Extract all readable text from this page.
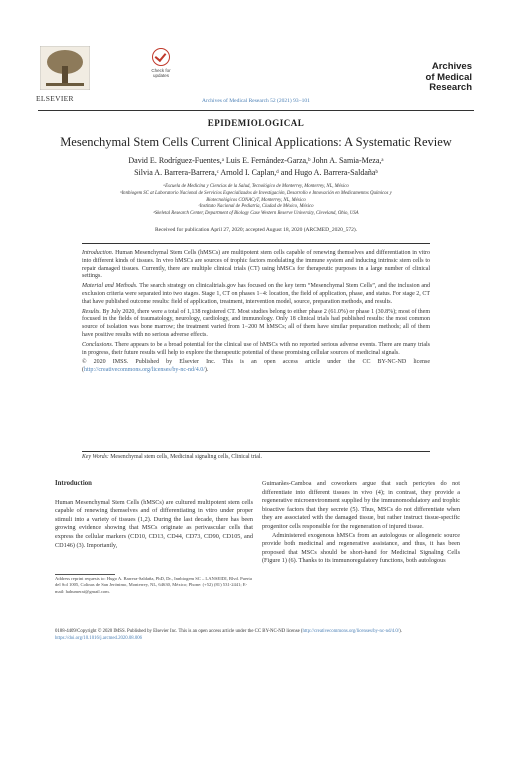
ELSEVIER
Check for updates
Archives
of Medical
Research
Archives of Medical Research 52 (2021) 93−101
EPIDEMIOLOGICAL
Mesenchymal Stem Cells Current Clinical Applications: A Systematic Review
David E. Rodríguez-Fuentes,ᵃ Luis E. Fernández-Garza,ᵇ John A. Samia-Meza,ᵃ
Silvia A. Barrera-Barrera,ᶜ Arnold I. Caplan,ᵈ and Hugo A. Barrera-Saldañaᵇ
ᵃEscuela de Medicina y Ciencias de la Salud, Tecnológico de Monterrey, Monterrey, NL, México
ᵇInnbiogem SC at Laboratorio Nacional de Servicios Especializados de Investigación, Desarrollo e Innovación en Medicamentos Químicos y
Biotecnológicos CONACyT, Monterrey, NL, México
ᶜInstituto Nacional de Pediatría, Ciudad de México, México
ᵈSkeletal Research Center, Department of Biology Case Western Reserve University, Cleveland, Ohio, USA
Received for publication April 27, 2020; accepted August 18, 2020 (ARCMED_2020_572).

Introduction. Human Mesenchymal Stem Cells (hMSCs) are multipotent stem cells capable of renewing themselves and differentiation in vitro into different kinds of tissues. In vivo hMSCs are sources of trophic factors modulating the immune system and inducing intrinsic stem cells to repair damaged tissues. Currently, there are multiple clinical trials (CT) using hMSCs for therapeutic purposes in a large number of clinical settings.

Material and Methods. The search strategy on clinicaltrials.gov has focused on the key term “Mesenchymal Stem Cells”, and the inclusion and exclusion criteria were separated into two stages. Stage 1, CT on phases 1−4: location, the field of application, phase, and status. For stage 2, CT that have published outcome results: field of application, treatment, intervention model, source, preparation methods, and results.

Results. By July 2020, there were a total of 1,138 registered CT. Most studies belong to either phase 2 (61.0%) or phase 1 (30.8%); most of them focused in the fields of traumatology, neurology, cardiology, and immunology. Only 18 clinical trials had published results: the most common source of isolation was bone marrow; the treatment varied from 1−200 M hMSCs; all of them have similar preparation methods; all of them have positive results with no serious adverse effects.

Conclusions. There appears to be a broad potential for the clinical use of hMSCs with no reported serious adverse events. There are many trials in progress, their future results will help to explore the therapeutic potential of these promising cellular sources of medicinal signals.

© 2020 IMSS. Published by Elsevier Inc. This is an open access article under the CC BY-NC-ND license (http://creativecommons.org/licenses/by-nc-nd/4.0/).

Key Words: Mesenchymal stem cells, Medicinal signaling cells, Clinical trial.
Introduction

Human Mesenchymal Stem Cells (hMSCs) are cultured multipotent stem cells capable of renewing themselves and of differentiating in vitro under proper stimuli into a variety of tissues (1,2). During the last decade, there has been growing evidence showing that MSCs originate as perivascular cells that express the cellular markers (CD10, CD13, CD44, CD73, CD90, CD105, and CD146) (3). Importantly,

Guimarães-Camboa and coworkers argue that such pericytes do not differentiate into different tissues in vivo (4); in contrast, they provide a regenerative microenvironment supplied by the immunomodulatory and trophic bioactive factors that they secrete (5). Thus, MSCs do not differentiate when they are associated with the damaged tissue, but rather instruct tissue-specific progenitor cells responsible for the regeneration of injured tissue.

Administered exogenous hMSCs from an autologous or allogeneic source provide both medicinal and regenerative assistance, and thus, it has been proposed that MSCs should be short-hand for Medicinal Signaling Cells (Figure 1) (6). Thanks to its immunoregulatory functions, both autologous

Address reprint requests to: Hugo A. Barrera-Saldaña, PhD, Dr., Innbiogem SC – LANSEIDI, Blvd. Puerta del Sol 1005, Colinas de San Jerónimo, Monterrey, NL, 64630, México; Phone: (+52) (81) 531-2441; E-mail: hahumerai@gmail.com.
0188-4409/Copyright © 2020 IMSS. Published by Elsevier Inc. This is an open access article under the CC BY-NC-ND license (http://creativecommons.org/licenses/by-nc-nd/4.0/).
https://doi.org/10.1016/j.arcmed.2020.08.006
